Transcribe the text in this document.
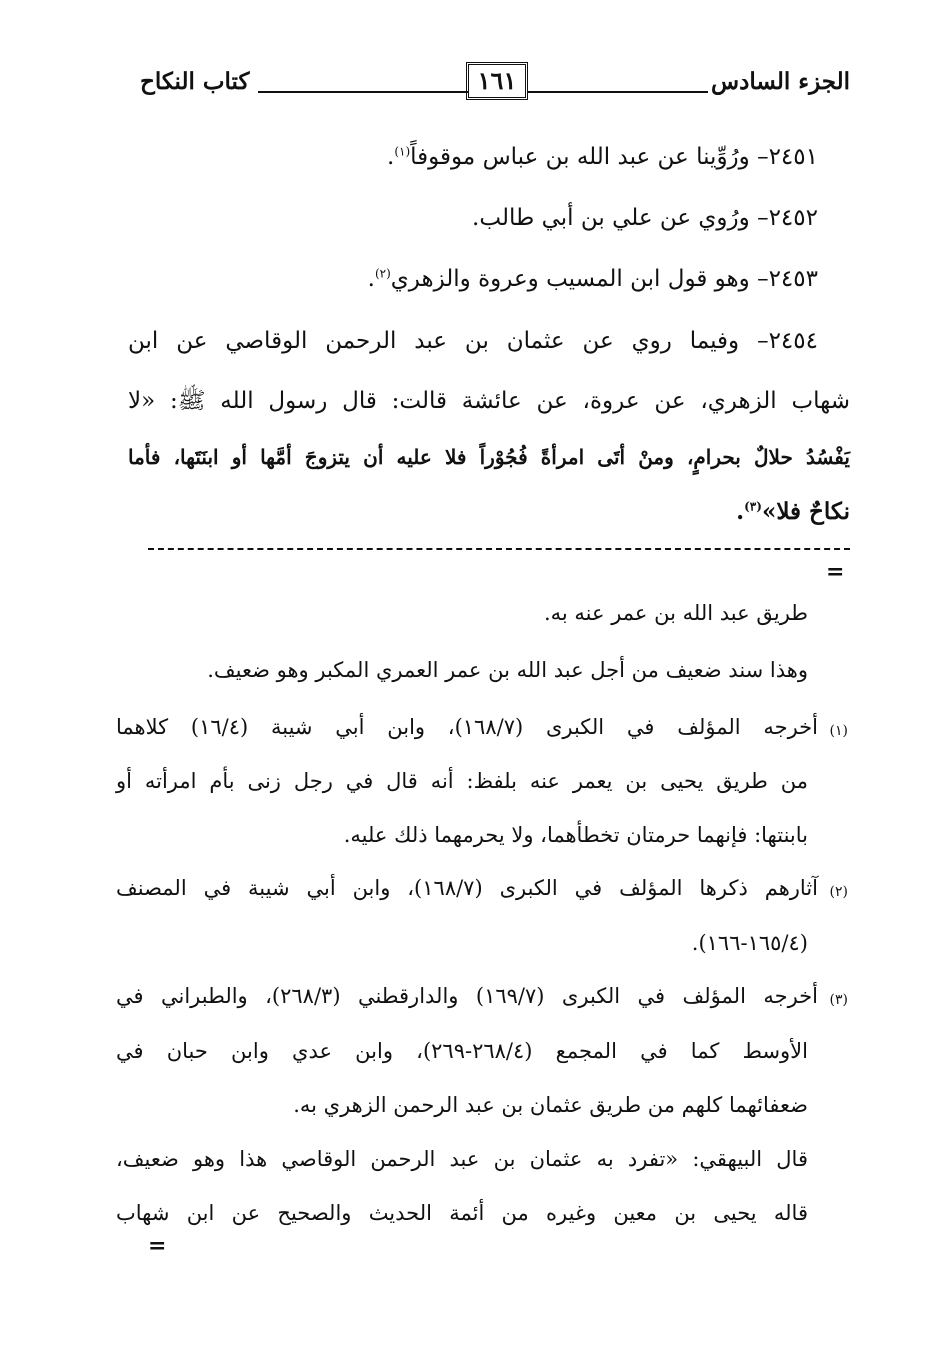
الجزء السادس
١٦١
كتاب النكاح
٢٤٥١– ورُوِّينا عن عبد الله بن عباس موقوفاً$^{(١)}$.
٢٤٥٢– ورُوي عن علي بن أبي طالب.
٢٤٥٣– وهو قول ابن المسيب وعروة والزهري$^{(٢)}$.
٢٤٥٤– وفيما روي عن عثمان بن عبد الرحمن الوقاصي عن ابن
شهاب الزهري، عن عروة، عن عائشة قالت: قال رسول الله ﷺ: «لا
يَفْسُدُ حلالٌ بحرامٍ، ومنْ أتَى امرأةً فُجُوْراً فلا عليه أن يتزوجَ أمَّها أو ابنَتَها، فأما
نكاحٌ فلا»$^{(٣)}$.
=
طريق عبد الله بن عمر عنه به.
وهذا سند ضعيف من أجل عبد الله بن عمر العمري المكبر وهو ضعيف.
(١)
أخرجه المؤلف في الكبرى (١٦٨/٧)، وابن أبي شيبة (١٦/٤) كلاهما
من طريق يحيى بن يعمر عنه بلفظ: أنه قال في رجل زنى بأم امرأته أو
بابنتها: فإنهما حرمتان تخطأهما، ولا يحرمهما ذلك عليه.
(٢)
آثارهم ذكرها المؤلف في الكبرى (١٦٨/٧)، وابن أبي شيبة في المصنف
(١٦٥/٤-١٦٦).
(٣)
أخرجه المؤلف في الكبرى (١٦٩/٧) والدارقطني (٢٦٨/٣)، والطبراني في
الأوسط كما في المجمع (٢٦٨/٤-٢٦٩)، وابن عدي وابن حبان في
ضعفائهما كلهم من طريق عثمان بن عبد الرحمن الزهري به.
قال البيهقي: «تفرد به عثمان بن عبد الرحمن الوقاصي هذا وهو ضعيف،
قاله يحيى بن معين وغيره من أئمة الحديث والصحيح عن ابن شهاب
=
